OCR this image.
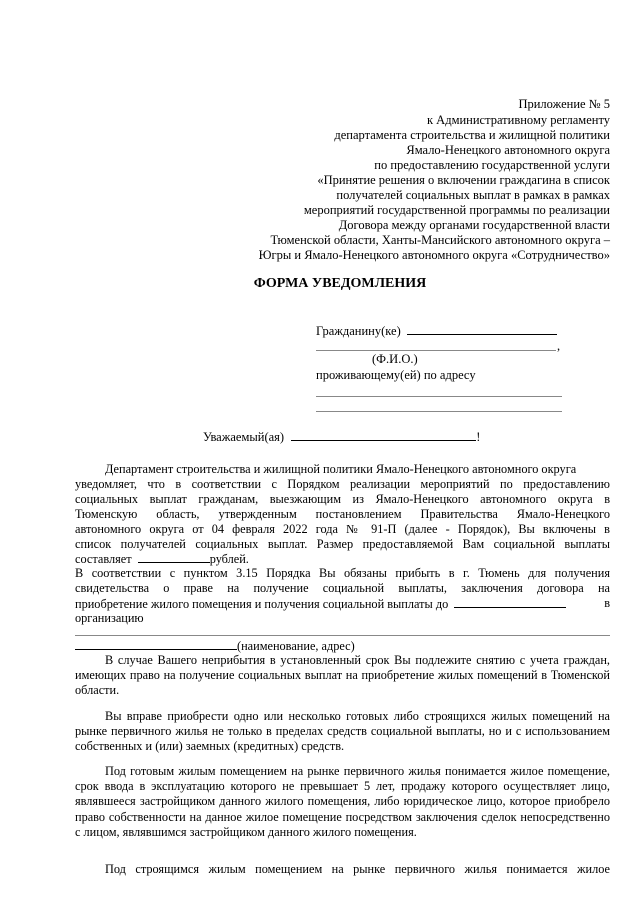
Приложение № 5
к Административному регламенту
департамента строительства и жилищной политики
Ямало-Ненецкого автономного округа
по предоставлению государственной услуги
«Принятие решения о включении граждагина в список
получателей социальных выплат в рамках в рамках
мероприятий государственной программы по реализации
Договора между органами государственной власти
Тюменской области, Ханты-Мансийского автономного округа –
Югры и Ямало-Ненецкого автономного округа «Сотрудничество»
ФОРМА УВЕДОМЛЕНИЯ
Гражданину(ке)
,
(Ф.И.О.)
проживающему(ей) по адресу
Уважаемый(ая)	!
Департамент строительства и жилищной политики Ямало-Ненецкого автономного округа
уведомляет, что в соответствии с Порядком реализации мероприятий по предоставлению
социальных выплат гражданам, выезжающим из Ямало-Ненецкого автономного округа в
Тюменскую область, утвержденным постановлением Правительства Ямало-Ненецкого
автономного округа от 04 февраля 2022 года № 91-П (далее - Порядок), Вы включены в
список получателей социальных выплат. Размер предоставляемой Вам социальной выплаты
составляет	рублей.
В соответствии с пунктом 3.15 Порядка Вы обязаны прибыть в г. Тюмень для получения
свидетельства о праве на получение социальной выплаты, заключения договора на
приобретение жилого помещения и получения социальной выплаты до	в
организацию
(наименование, адрес)
В случае Вашего неприбытия в установленный срок Вы подлежите снятию с учета граждан, имеющих право на получение социальных выплат на приобретение жилых помещений в Тюменской области.
Вы вправе приобрести одно или несколько готовых либо строящихся жилых помещений на рынке первичного жилья не только в пределах средств социальной выплаты, но и с использованием собственных и (или) заемных (кредитных) средств.
Под готовым жилым помещением на рынке первичного жилья понимается жилое помещение, срок ввода в эксплуатацию которого не превышает 5 лет, продажу которого осуществляет лицо, являвшееся застройщиком данного жилого помещения, либо юридическое лицо, которое приобрело право собственности на данное жилое помещение посредством заключения сделок непосредственно с лицом, являвшимся застройщиком данного жилого помещения.
Под строящимся жилым помещением на рынке первичного жилья понимается жилое
